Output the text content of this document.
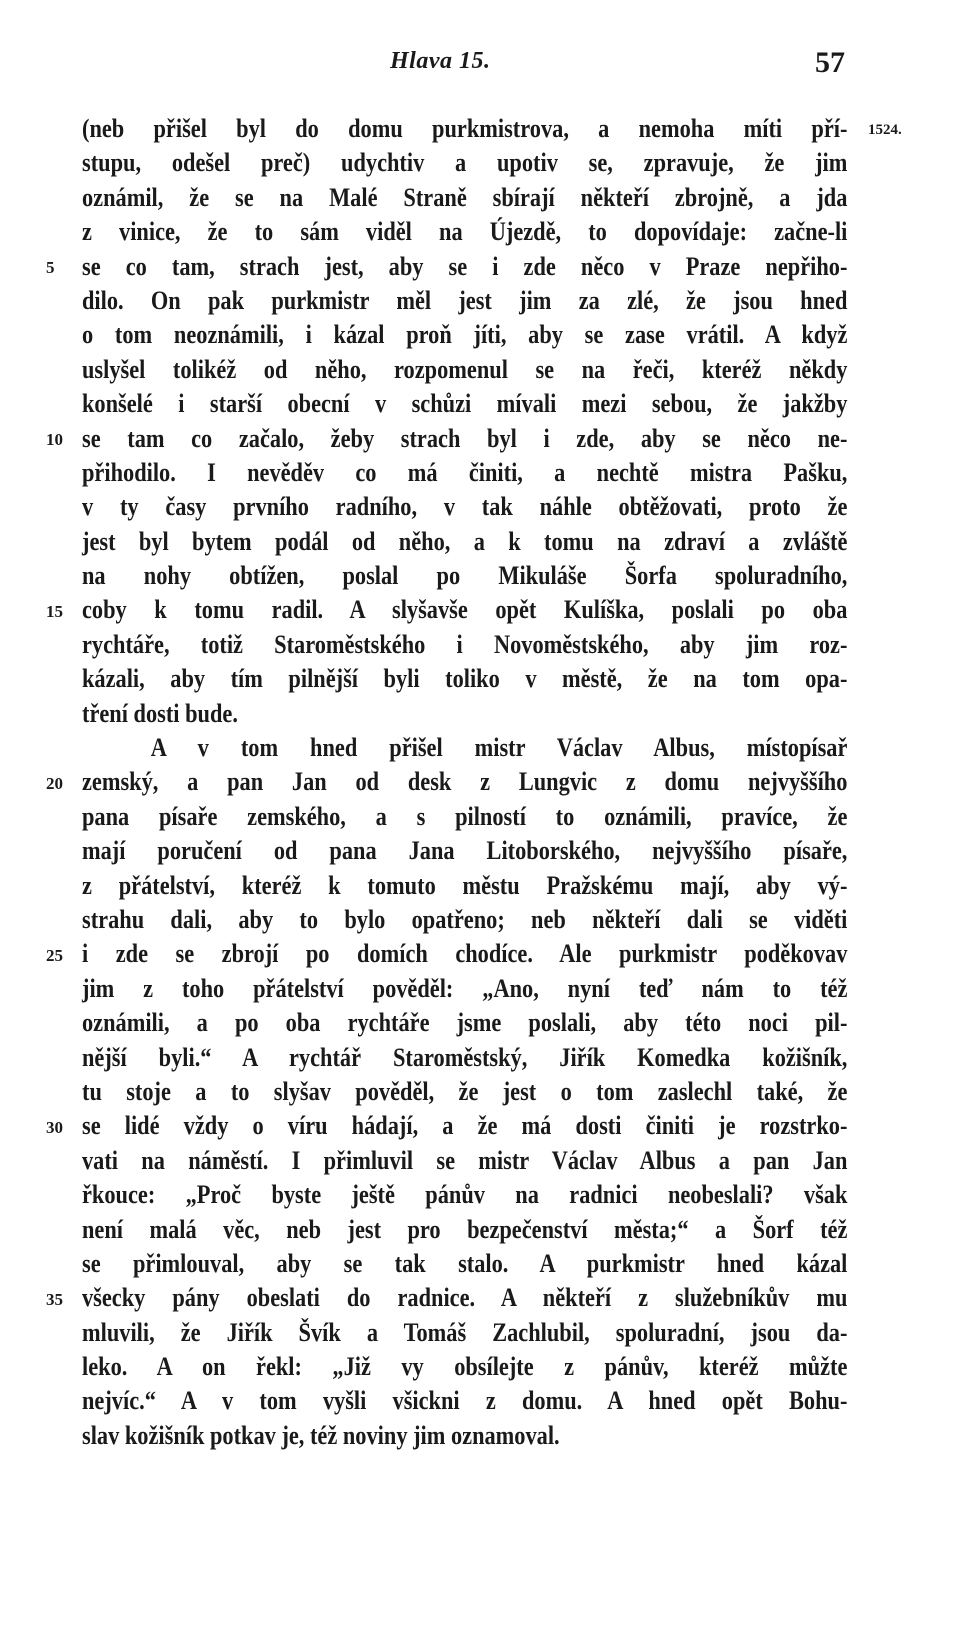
Hlava 15.	57
1524.
5
10
15
20
25
30
35
(neb přišel byl do domu purkmistrova, a nemoha míti pří-
stupu, odešel preč) udychtiv a upotiv se, zpravuje, že jim
oznámil, že se na Malé Straně sbírají někteří zbrojně, a jda
z vinice, že to sám viděl na Újezdě, to dopovídaje: začne-li
se co tam, strach jest, aby se i zde něco v Praze nepřiho-
dilo. On pak purkmistr měl jest jim za zlé, že jsou hned
o tom neoznámili, i kázal proň jíti, aby se zase vrátil. A když
uslyšel tolikéž od něho, rozpomenul se na řeči, kteréž někdy
konšelé i starší obecní v schůzi mívali mezi sebou, že jakžby
se tam co začalo, žeby strach byl i zde, aby se něco ne-
přihodilo. I nevěděv co má činiti, a nechtě mistra Pašku,
v ty časy prvního radního, v tak náhle obtěžovati, proto že
jest byl bytem podál od něho, a k tomu na zdraví a zvláště
na nohy obtížen, poslal po Mikuláše Šorfa spoluradního,
coby k tomu radil. A slyšavše opět Kulíška, poslali po oba
rychtáře, totiž Staroměstského i Novoměstského, aby jim roz-
kázali, aby tím pilnější byli toliko v městě, že na tom opa-
tření dosti bude.
A v tom hned přišel mistr Václav Albus, místopísař
zemský, a pan Jan od desk z Lungvic z domu nejvyššího
pana písaře zemského, a s pilností to oznámili, pravíce, že
mají poručení od pana Jana Litoborského, nejvyššího písaře,
z přátelství, kteréž k tomuto městu Pražskému mají, aby vý-
strahu dali, aby to bylo opatřeno; neb někteří dali se viděti
i zde se zbrojí po domích chodíce. Ale purkmistr poděkovav
jim z toho přátelství pověděl: „Ano, nyní teď nám to též
oznámili, a po oba rychtáře jsme poslali, aby této noci pil-
nější byli.“ A rychtář Staroměstský, Jiřík Komedka kožišník,
tu stoje a to slyšav pověděl, že jest o tom zaslechl také, že
se lidé vždy o víru hádají, a že má dosti činiti je rozstrko-
vati na náměstí. I přimluvil se mistr Václav Albus a pan Jan
řkouce: „Proč byste ještě pánův na radnici neobeslali? však
není malá věc, neb jest pro bezpečenství města;“ a Šorf též
se přimlouval, aby se tak stalo. A purkmistr hned kázal
všecky pány obeslati do radnice. A někteří z služebníkův mu
mluvili, že Jiřík Švík a Tomáš Zachlubil, spoluradní, jsou da-
leko. A on řekl: „Již vy obsílejte z pánův, kteréž můžte
nejvíc.“ A v tom vyšli všickni z domu. A hned opět Bohu-
slav kožišník potkav je, též noviny jim oznamoval.
